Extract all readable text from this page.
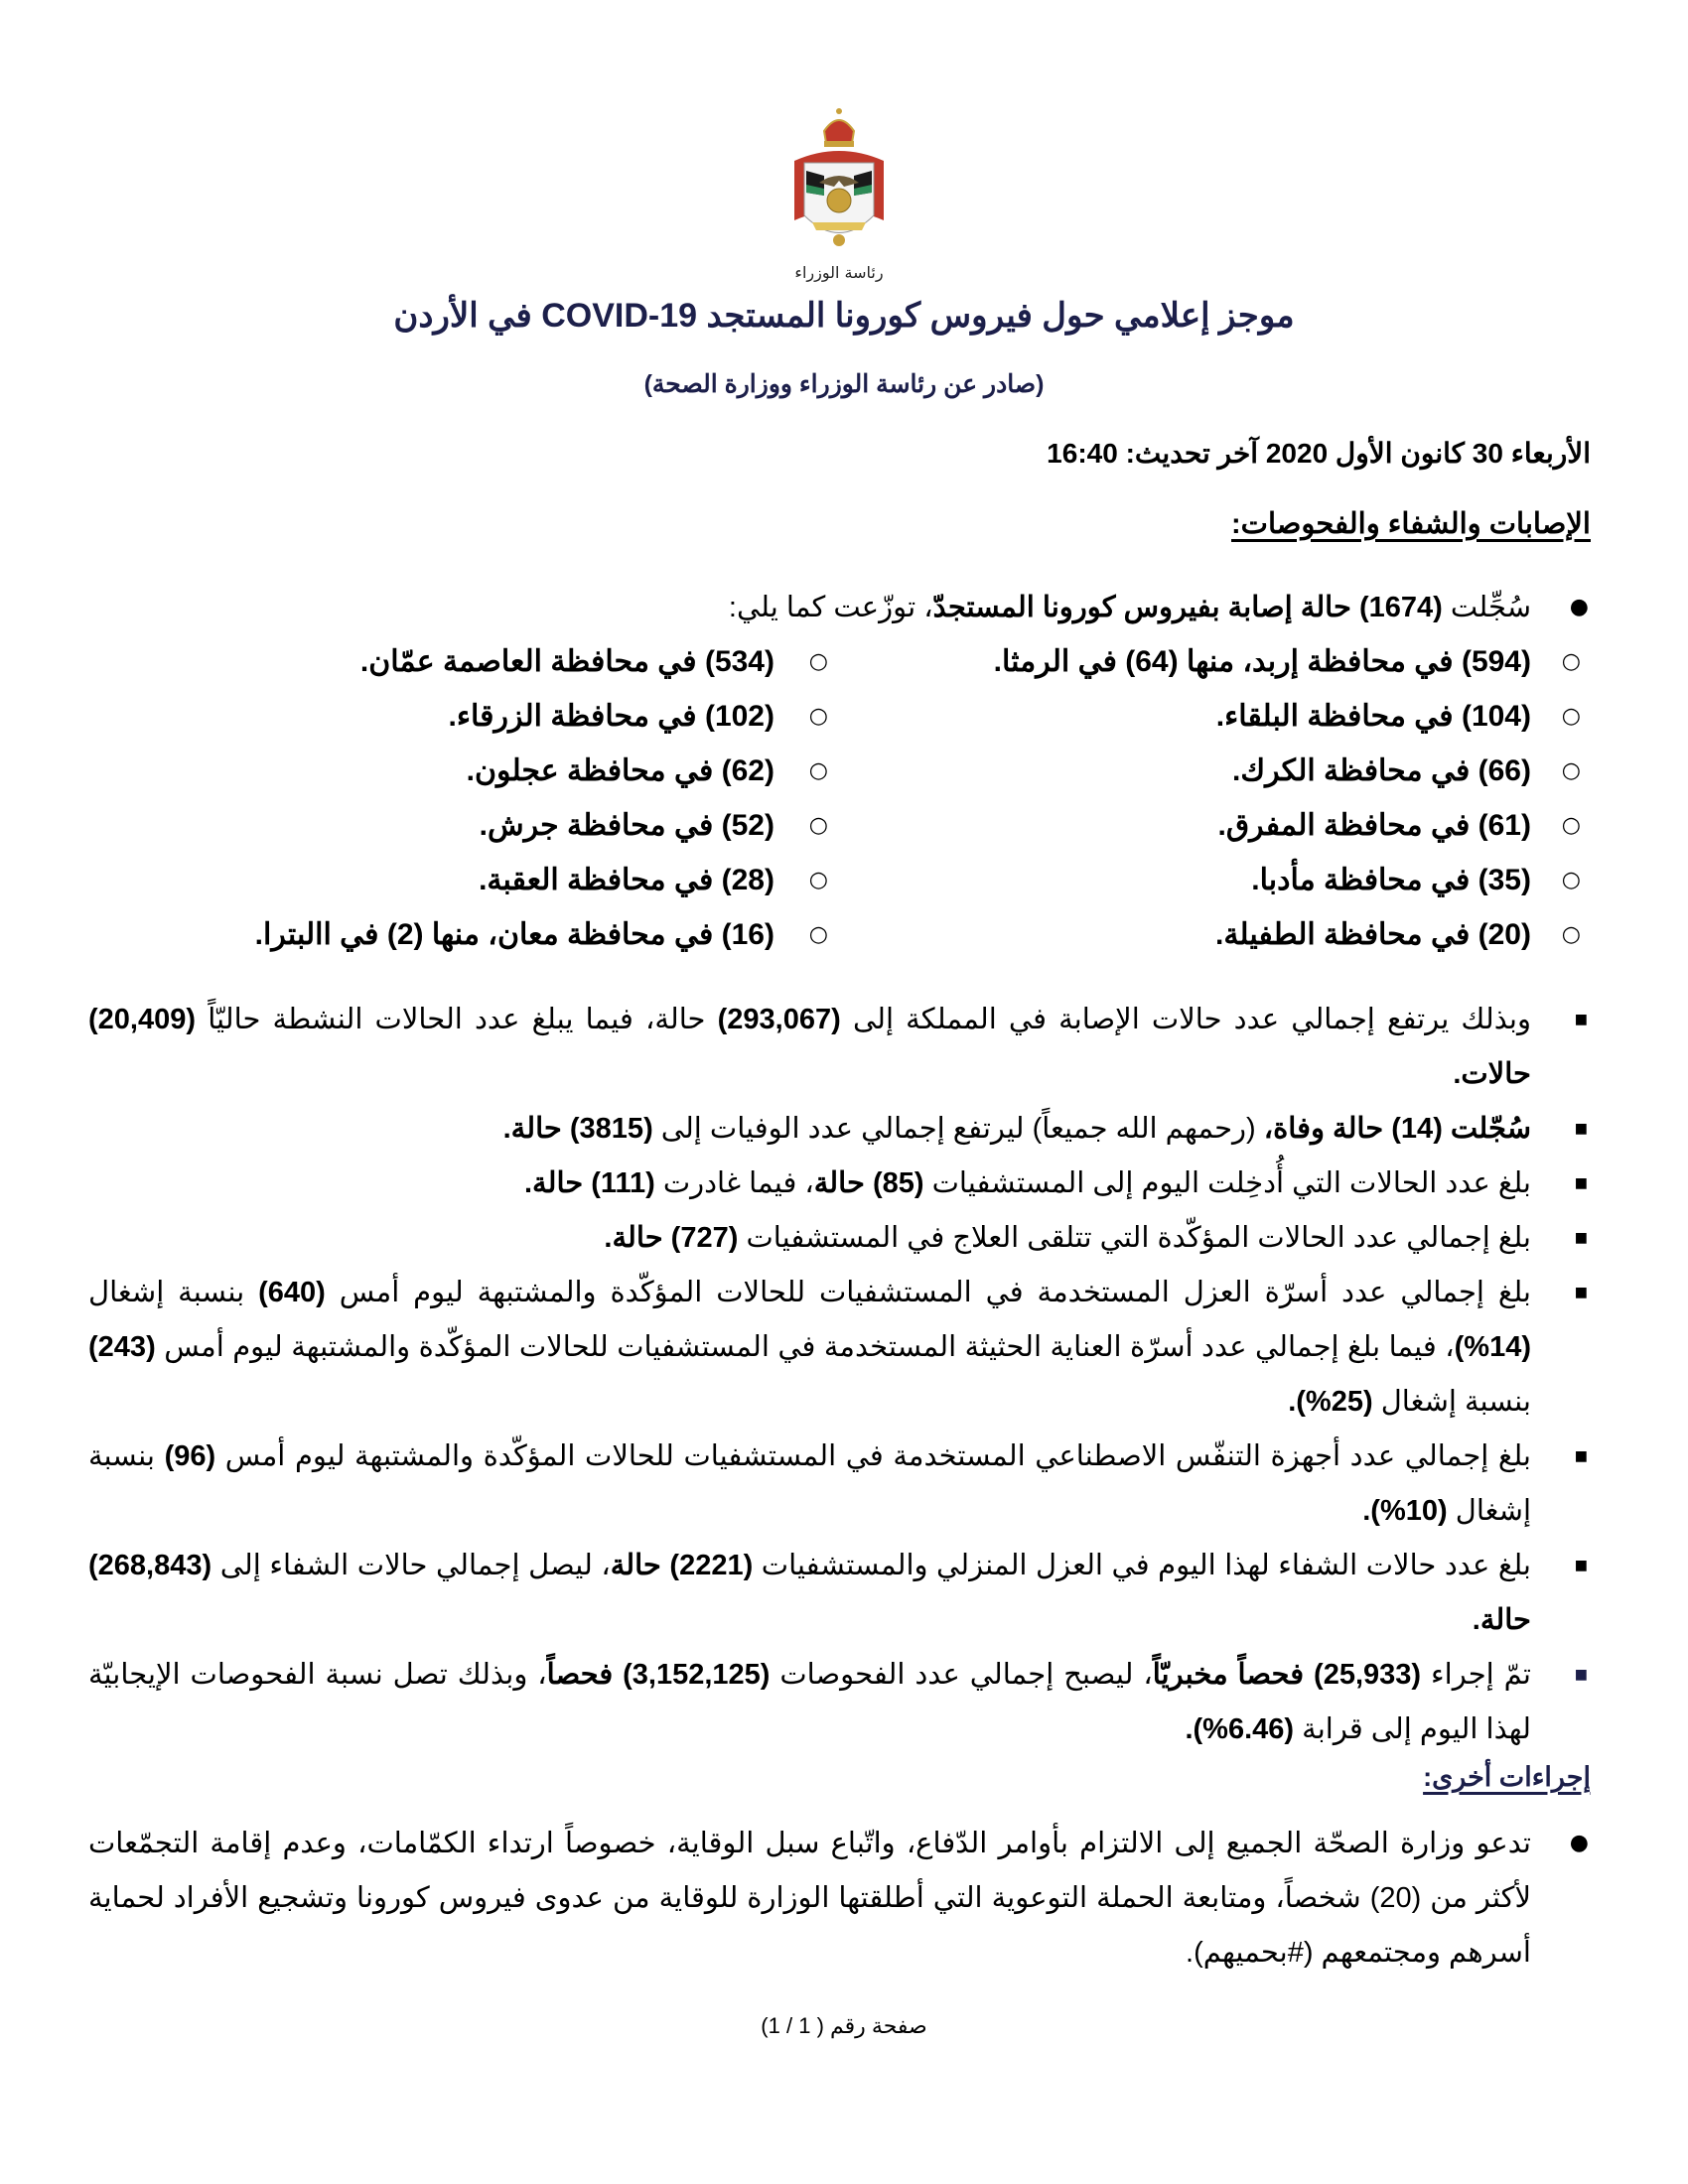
رئاسة الوزراء
موجز إعلامي حول فيروس كورونا المستجد COVID-19 في الأردن
(صادر عن رئاسة الوزراء ووزارة الصحة)
الأربعاء 30 كانون الأول 2020 آخر تحديث: 16:40
الإصابات والشفاء والفحوصات:
●
سُجِّلت (1674) حالة إصابة بفيروس كورونا المستجدّ، توزّعت كما يلي:
○
(594) في محافظة إربد، منها (64) في الرمثا.
○
(104) في محافظة البلقاء.
○
(66) في محافظة الكرك.
○
(61) في محافظة المفرق.
○
(35) في محافظة مأدبا.
○
(20) في محافظة الطفيلة.
○
(534) في محافظة العاصمة عمّان.
○
(102) في محافظة الزرقاء.
○
(62) في محافظة عجلون.
○
(52) في محافظة جرش.
○
(28) في محافظة العقبة.
○
(16) في محافظة معان، منها (2) في االبترا.
■
وبذلك يرتفع إجمالي عدد حالات الإصابة في المملكة إلى (293,067) حالة، فيما يبلغ عدد الحالات النشطة حاليّاً (20,409) حالات.
■
سُجّلت (14) حالة وفاة، (رحمهم الله جميعاً) ليرتفع إجمالي عدد الوفيات إلى (3815) حالة.
■
بلغ عدد الحالات التي أُدخِلت اليوم إلى المستشفيات (85) حالة، فيما غادرت (111) حالة.
■
بلغ إجمالي عدد الحالات المؤكّدة التي تتلقى العلاج في المستشفيات (727) حالة.
■
بلغ إجمالي عدد أسرّة العزل المستخدمة في المستشفيات للحالات المؤكّدة والمشتبهة ليوم أمس (640) بنسبة إشغال (14%)، فيما بلغ إجمالي عدد أسرّة العناية الحثيثة المستخدمة في المستشفيات للحالات المؤكّدة والمشتبهة ليوم أمس (243) بنسبة إشغال (25%).
■
بلغ إجمالي عدد أجهزة التنفّس الاصطناعي المستخدمة في المستشفيات للحالات المؤكّدة والمشتبهة ليوم أمس (96) بنسبة إشغال (10%).
■
بلغ عدد حالات الشفاء لهذا اليوم في العزل المنزلي والمستشفيات (2221) حالة، ليصل إجمالي حالات الشفاء إلى (268,843) حالة.
■
تمّ إجراء (25,933) فحصاً مخبريّاً، ليصبح إجمالي عدد الفحوصات (3,152,125) فحصاً، وبذلك تصل نسبة الفحوصات الإيجابيّة لهذا اليوم إلى قرابة (6.46%).
إجراءات أخرى:
●
تدعو وزارة الصحّة الجميع إلى الالتزام بأوامر الدّفاع، واتّباع سبل الوقاية، خصوصاً ارتداء الكمّامات، وعدم إقامة التجمّعات لأكثر من (20) شخصاً، ومتابعة الحملة التوعوية التي أطلقتها الوزارة للوقاية من عدوى فيروس كورونا وتشجيع الأفراد لحماية أسرهم ومجتمعهم (#بحميهم).
صفحة رقم ( 1 / 1)
